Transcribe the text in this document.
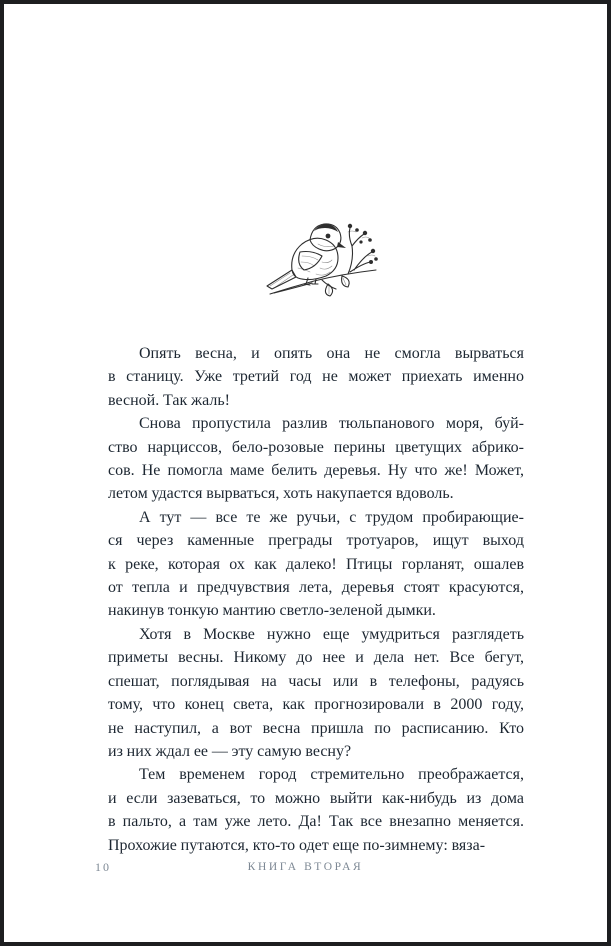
Опять весна, и опять она не смогла вырваться
в станицу. Уже третий год не может приехать именно
весной. Так жаль!
Снова пропустила разлив тюльпанового моря, буй-
ство нарциссов, бело-розовые перины цветущих абрико-
сов. Не помогла маме белить деревья. Ну что же! Может,
летом удастся вырваться, хоть накупается вдоволь.
А тут — все те же ручьи, с трудом пробирающие-
ся через каменные преграды тротуаров, ищут выход
к реке, которая ох как далеко! Птицы горланят, ошалев
от тепла и предчувствия лета, деревья стоят красуются,
накинув тонкую мантию светло-зеленой дымки.
Хотя в Москве нужно еще умудриться разглядеть
приметы весны. Никому до нее и дела нет. Все бегут,
спешат, поглядывая на часы или в телефоны, радуясь
тому, что конец света, как прогнозировали в 2000 году,
не наступил, а вот весна пришла по расписанию. Кто
из них ждал ее — эту самую весну?
Тем временем город стремительно преображается,
и если зазеваться, то можно выйти как-нибудь из дома
в пальто, а там уже лето. Да! Так все внезапно меняется.
Прохожие путаются, кто-то одет еще по-зимнему: вяза-
10	КНИГА ВТОРАЯ
